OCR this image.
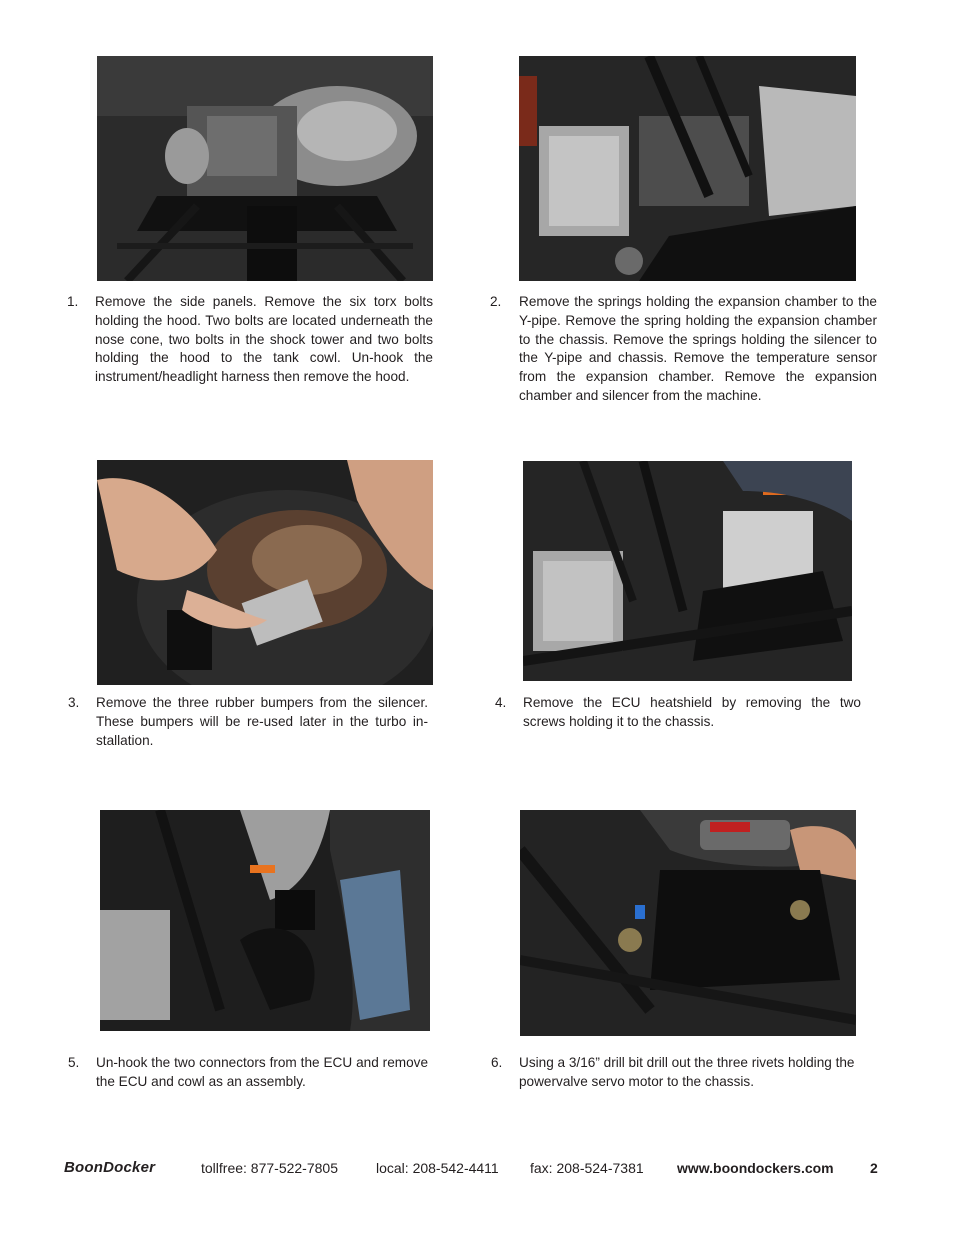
1. Remove the side panels. Remove the six torx bolts holding the hood. Two bolts are located underneath the nose cone, two bolts in the shock tower and two bolts holding the hood to the tank cowl. Un-hook the instrument/headlight harness then remove the hood.
2. Remove the springs holding the expansion chamber to the Y-pipe. Remove the spring holding the expansion chamber to the chassis. Remove the springs holding the silencer to the Y-pipe and chassis. Remove the temperature sensor from the expansion chamber. Remove the expansion chamber and silencer from the machine.
3. Remove the three rubber bumpers from the silencer. These bumpers will be re-used later in the turbo installation.
4. Remove the ECU heatshield by removing the two screws holding it to the chassis.
5. Un-hook the two connectors from the ECU and remove the ECU and cowl as an assembly.
6. Using a 3/16” drill bit drill out the three rivets holding the powervalve servo motor to the chassis.
BoonDocker	tollfree: 877-522-7805	local: 208-542-4411 fax: 208-524-7381 www.boondockers.com	2
